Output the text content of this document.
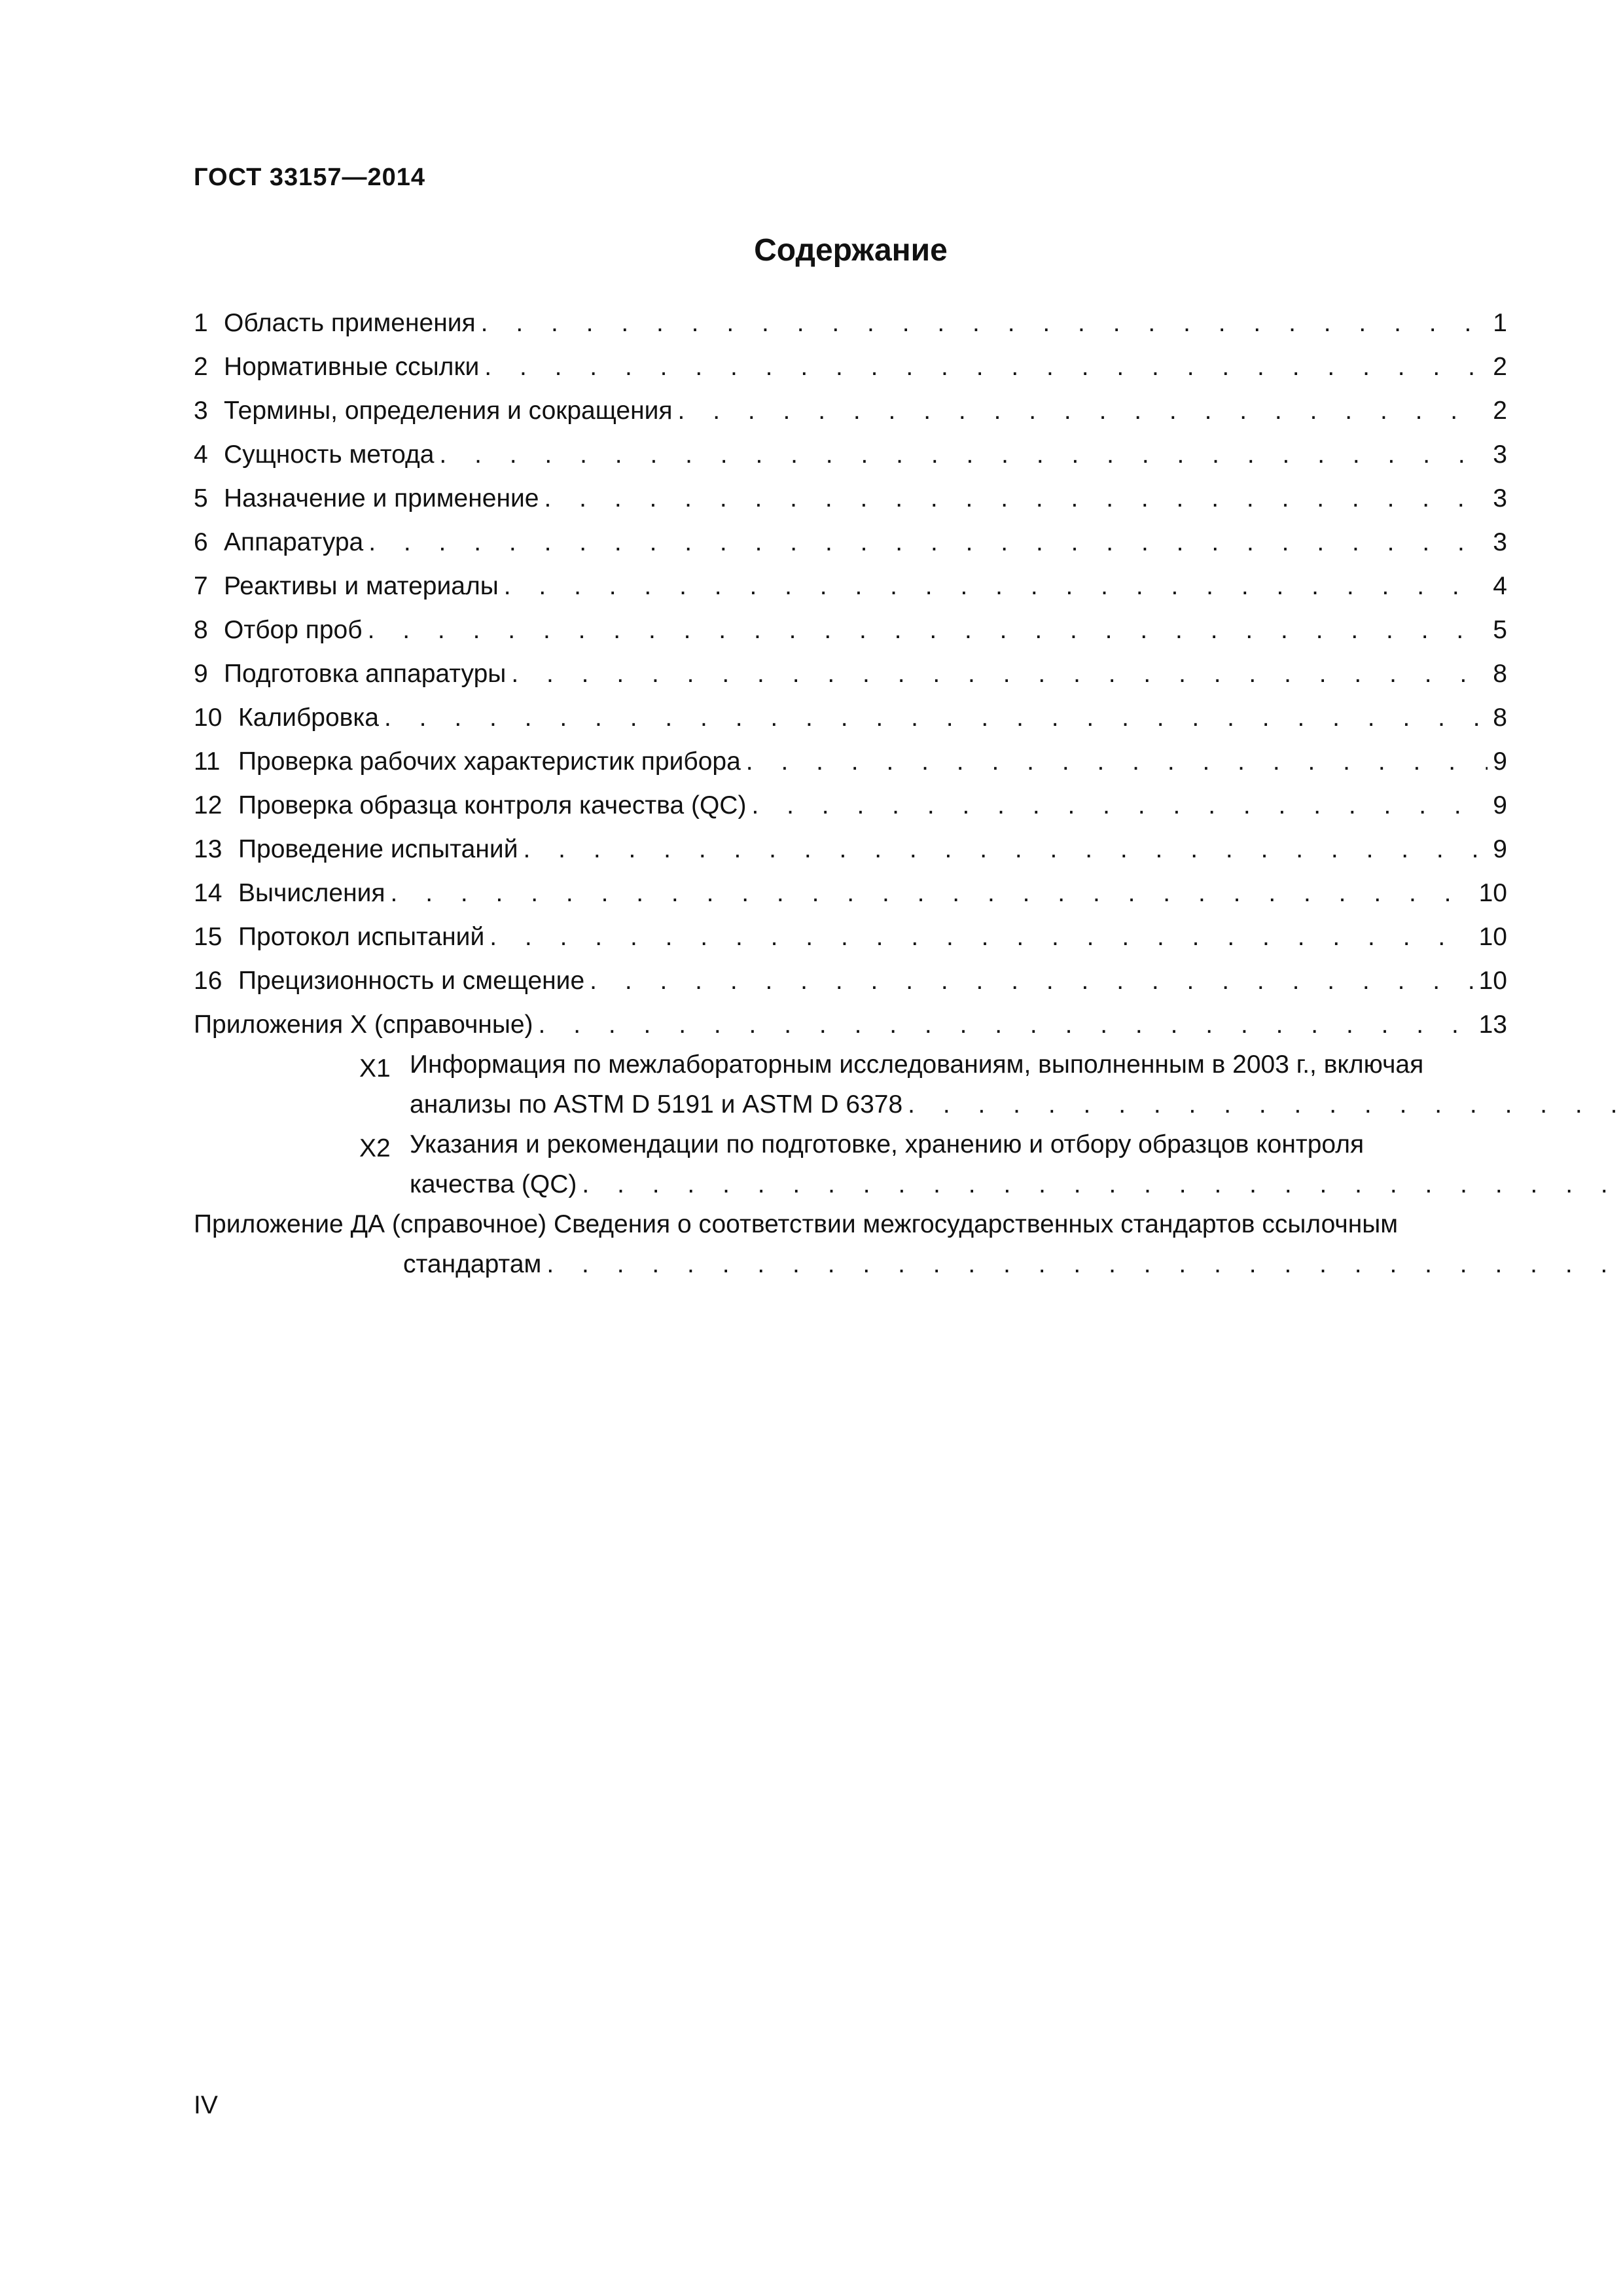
ГОСТ 33157—2014
Содержание
1 Область применения . . .	1
2 Нормативные ссылки . . .	2
3 Термины, определения и сокращения . . .	2
4 Сущность метода . . .	3
5 Назначение и применение . . .	3
6 Аппаратура . . .	3
7 Реактивы и материалы . . .	4
8 Отбор проб . . .	5
9 Подготовка аппаратуры . . .	8
10 Калибровка . . .	8
11 Проверка рабочих характеристик прибора . . .	9
12 Проверка образца контроля качества (QC) . . .	9
13 Проведение испытаний . . .	9
14 Вычисления . . .	10
15 Протокол испытаний . . .	10
16 Прецизионность и смещение . . .	10
Приложения X (справочные) . . .	13
X1 Информация по межлабораторным исследованиям, выполненным в 2003 г., включая
анализы по ASTM D 5191 и ASTM D 6378
. . .
X2 Указания и рекомендации по подготовке, хранению и отбору образцов контроля
качества (QC)
. . .
Приложение ДА (справочное) Сведения о соответствии межгосударственных стандартов ссылочным
стандартам
. . .
IV
